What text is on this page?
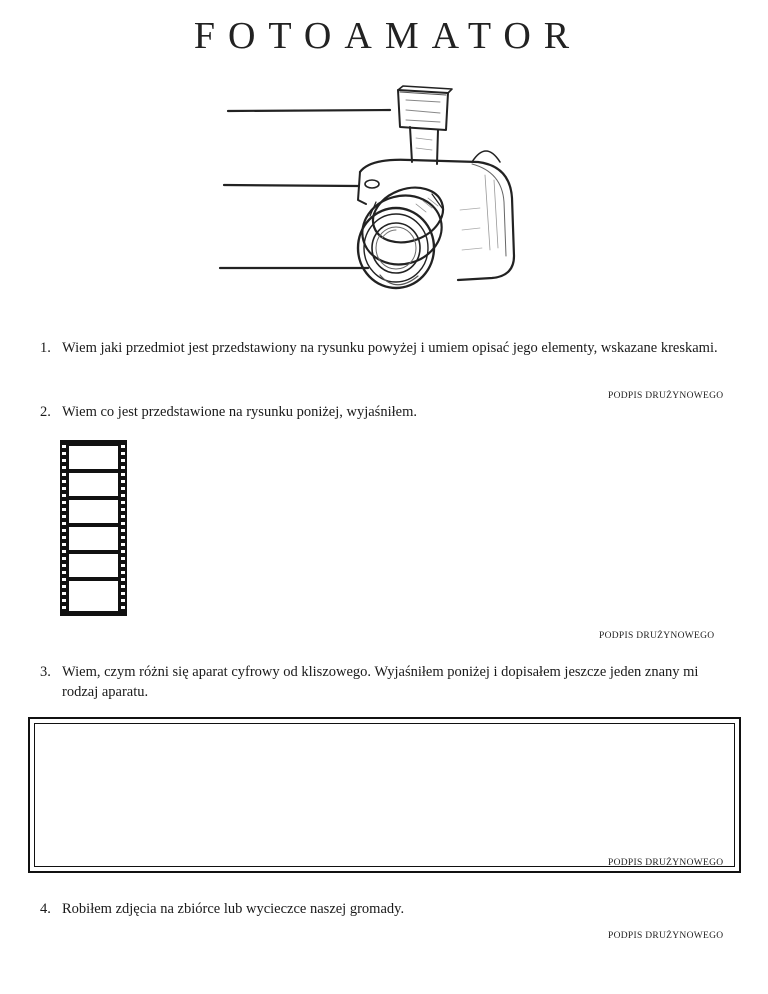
FOTOAMATOR
1. Wiem jaki przedmiot jest przedstawiony na rysunku powyżej i umiem opisać jego elementy, wskazane kreskami.
PODPIS DRUŻYNOWEGO
2. Wiem co jest przedstawione na rysunku poniżej, wyjaśniłem.
PODPIS DRUŻYNOWEGO
3. Wiem, czym różni się aparat cyfrowy od kliszowego. Wyjaśniłem poniżej i dopisałem jeszcze jeden znany mi rodzaj aparatu.
PODPIS DRUŻYNOWEGO
4. Robiłem zdjęcia na zbiórce lub wycieczce naszej gromady.
PODPIS DRUŻYNOWEGO
